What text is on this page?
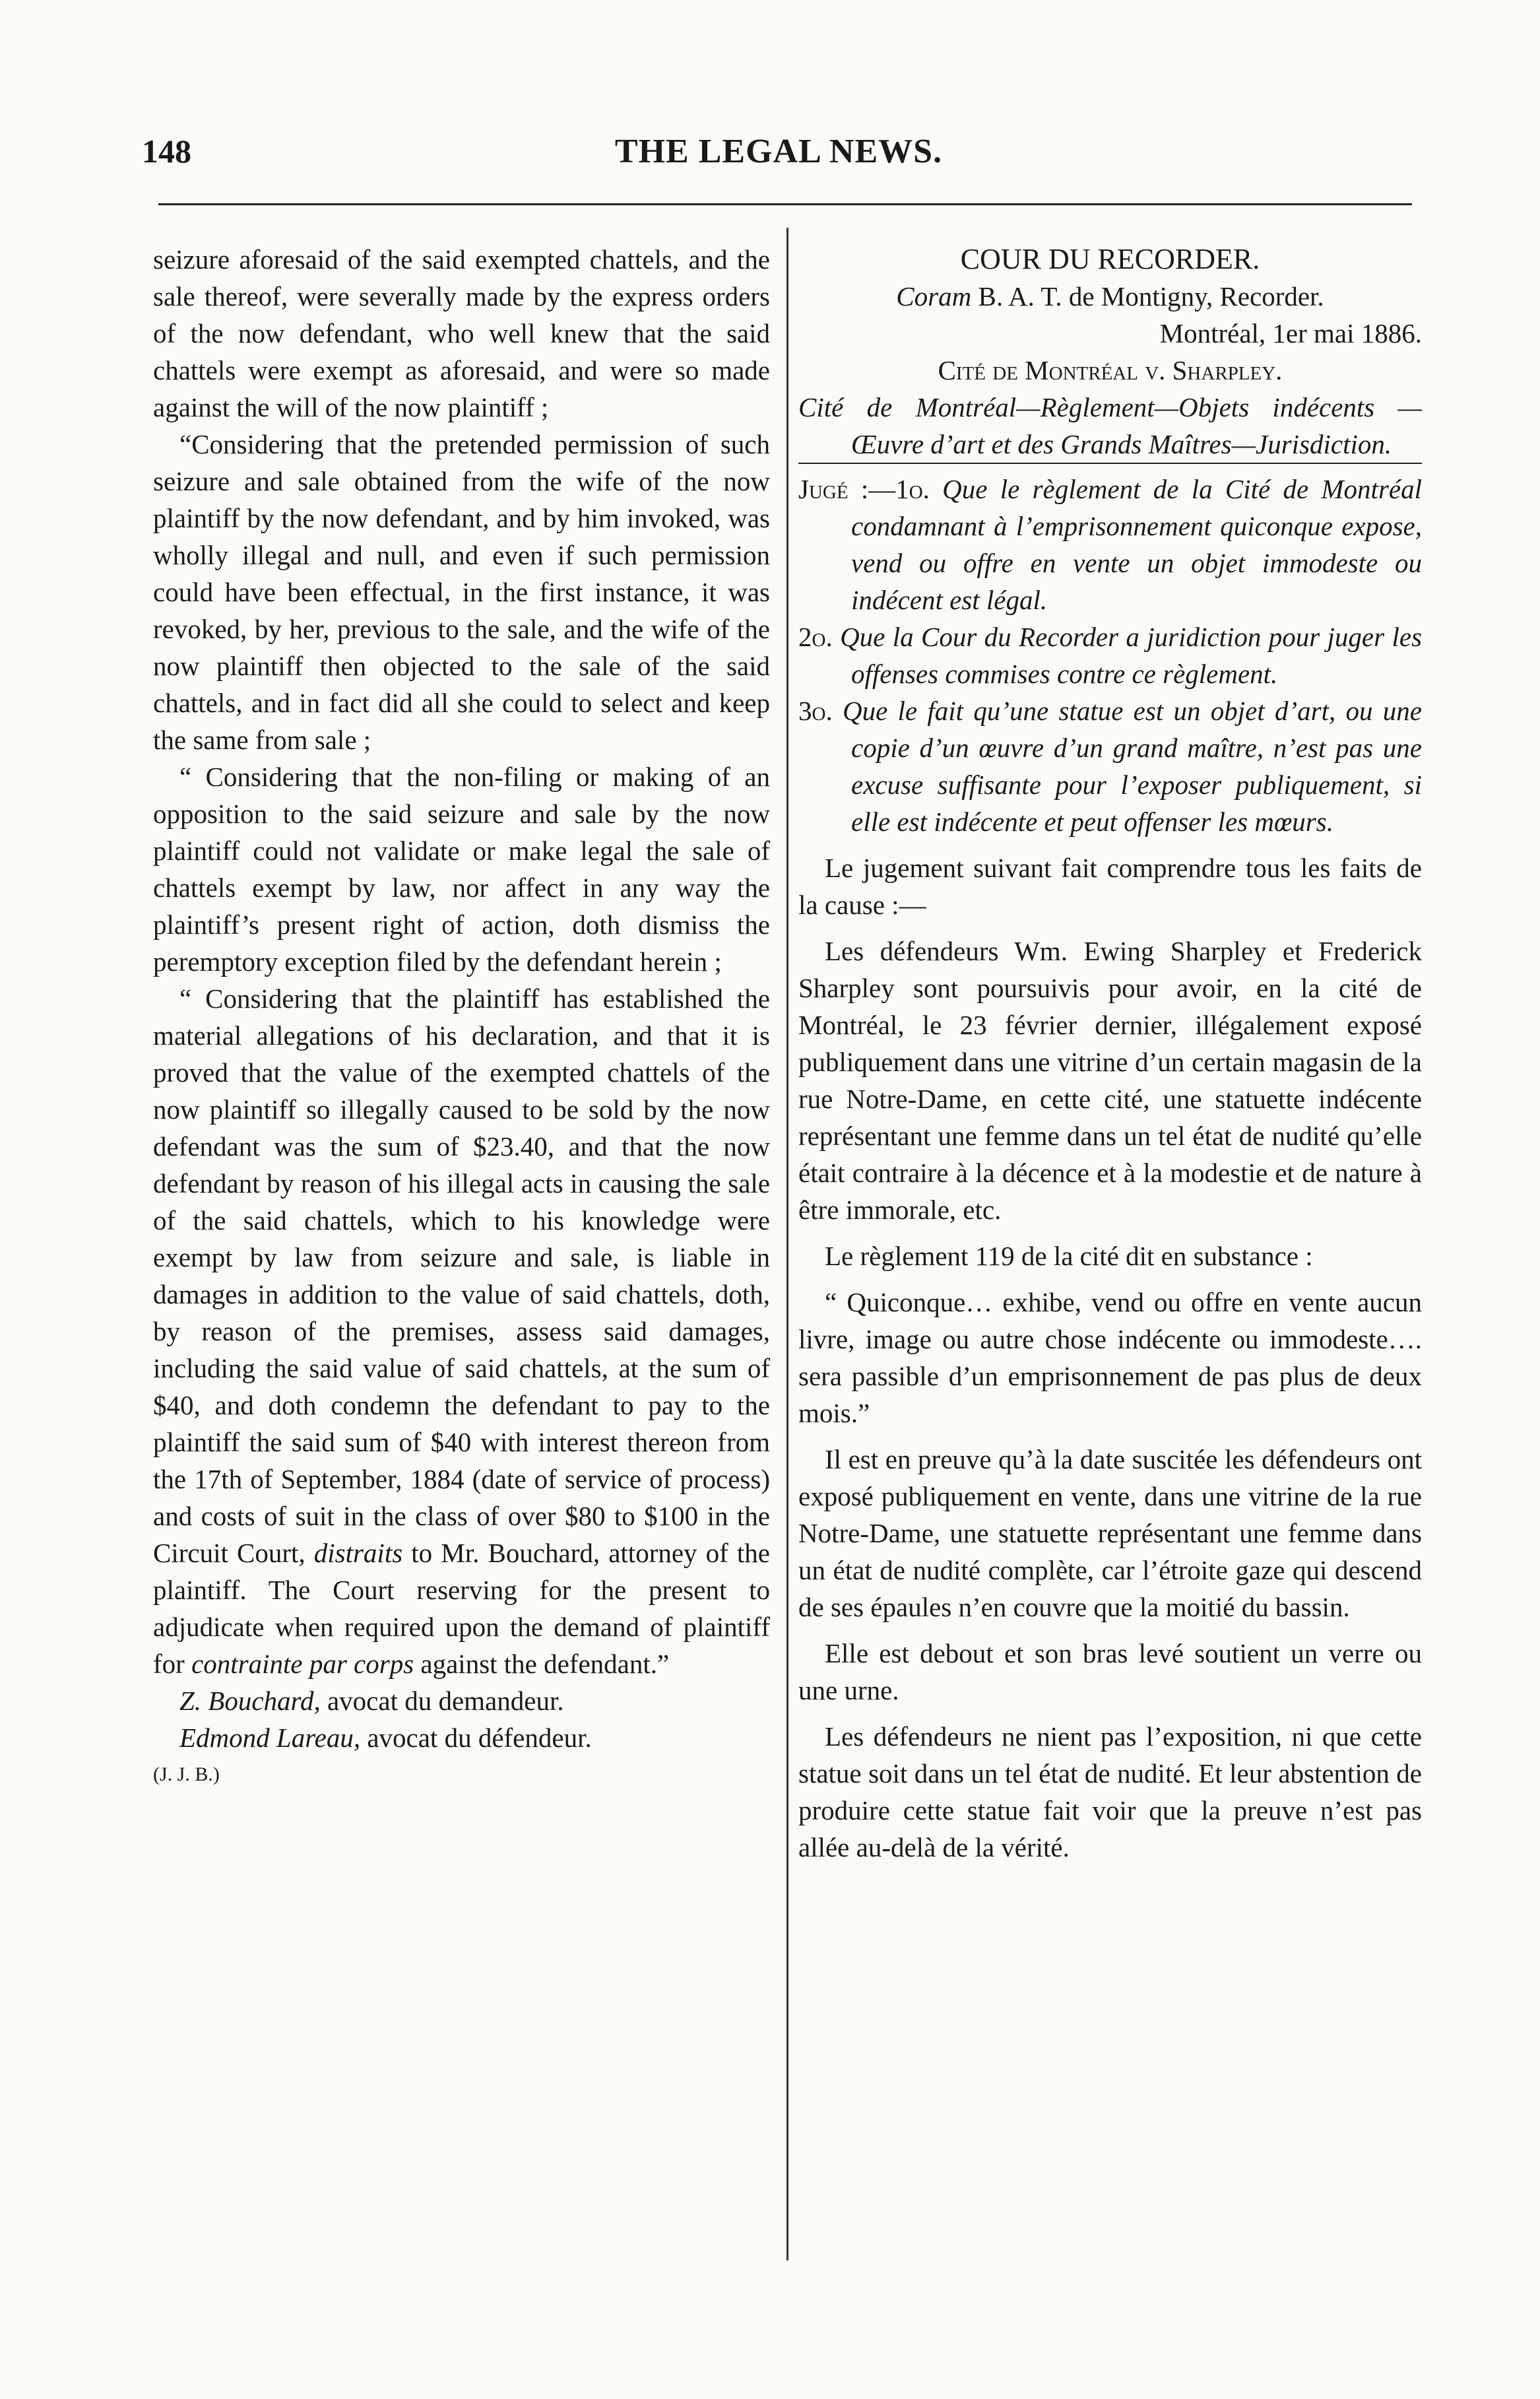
148	THE LEGAL NEWS.

seizure aforesaid of the said exempted chattels, and the sale thereof, were severally made by the express orders of the now defendant, who well knew that the said chattels were exempt as aforesaid, and were so made against the will of the now plaintiff ;

“Considering that the pretended permission of such seizure and sale obtained from the wife of the now plaintiff by the now defendant, and by him invoked, was wholly illegal and null, and even if such permission could have been effectual, in the first instance, it was revoked, by her, previous to the sale, and the wife of the now plaintiff then objected to the sale of the said chattels, and in fact did all she could to select and keep the same from sale ;

“ Considering that the non-filing or making of an opposition to the said seizure and sale by the now plaintiff could not validate or make legal the sale of chattels exempt by law, nor affect in any way the plaintiff’s present right of action, doth dismiss the peremptory exception filed by the defendant herein ;

“ Considering that the plaintiff has established the material allegations of his declaration, and that it is proved that the value of the exempted chattels of the now plaintiff so illegally caused to be sold by the now defendant was the sum of $23.40, and that the now defendant by reason of his illegal acts in causing the sale of the said chattels, which to his knowledge were exempt by law from seizure and sale, is liable in damages in addition to the value of said chattels, doth, by reason of the premises, assess said damages, including the said value of said chattels, at the sum of $40, and doth condemn the defendant to pay to the plaintiff the said sum of $40 with interest thereon from the 17th of September, 1884 (date of service of process) and costs of suit in the class of over $80 to $100 in the Circuit Court, distraits to Mr. Bouchard, attorney of the plaintiff. The Court reserving for the present to adjudicate when required upon the demand of plaintiff for contrainte par corps against the defendant.”

Z. Bouchard, avocat du demandeur.

Edmond Lareau, avocat du défendeur.

(J. J. B.)

COUR DU RECORDER.

Coram B. A. T. de Montigny, Recorder.

Montréal, 1er mai 1886.

Cité de Montréal v. Sharpley.

Cité de Montréal—Règlement—Objets indécents —Œuvre d’art et des Grands Maîtres—Jurisdiction.

Jugé :—1o. Que le règlement de la Cité de Montréal condamnant à l’emprisonnement quiconque expose, vend ou offre en vente un objet immodeste ou indécent est légal.

2o. Que la Cour du Recorder a juridiction pour juger les offenses commises contre ce règlement.

3o. Que le fait qu’une statue est un objet d’art, ou une copie d’un œuvre d’un grand maître, n’est pas une excuse suffisante pour l’exposer publiquement, si elle est indécente et peut offenser les mœurs.

Le jugement suivant fait comprendre tous les faits de la cause :—

Les défendeurs Wm. Ewing Sharpley et Frederick Sharpley sont poursuivis pour avoir, en la cité de Montréal, le 23 février dernier, illégalement exposé publiquement dans une vitrine d’un certain magasin de la rue Notre-Dame, en cette cité, une statuette indécente représentant une femme dans un tel état de nudité qu’elle était contraire à la décence et à la modestie et de nature à être immorale, etc.

Le règlement 119 de la cité dit en substance :

“ Quiconque… exhibe, vend ou offre en vente aucun livre, image ou autre chose indécente ou immodeste…. sera passible d’un emprisonnement de pas plus de deux mois.”

Il est en preuve qu’à la date suscitée les défendeurs ont exposé publiquement en vente, dans une vitrine de la rue Notre-Dame, une statuette représentant une femme dans un état de nudité complète, car l’étroite gaze qui descend de ses épaules n’en couvre que la moitié du bassin.

Elle est debout et son bras levé soutient un verre ou une urne.

Les défendeurs ne nient pas l’exposition, ni que cette statue soit dans un tel état de nudité. Et leur abstention de produire cette statue fait voir que la preuve n’est pas allée au-delà de la vérité.
